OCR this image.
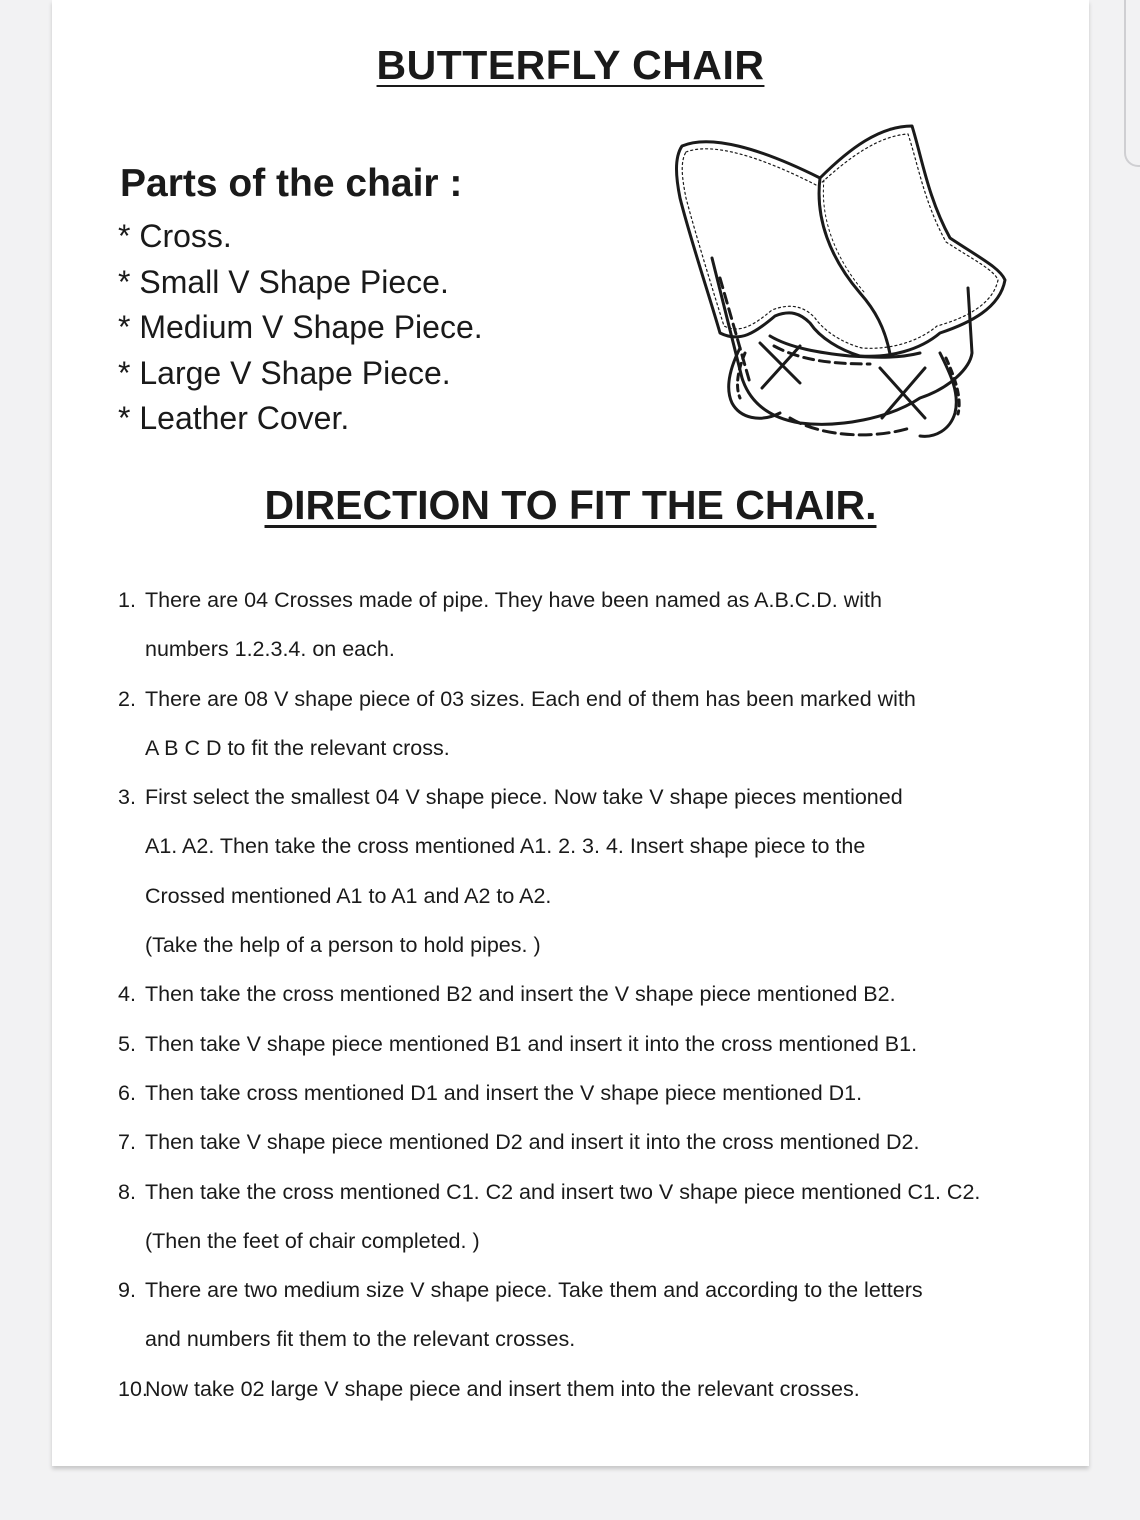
BUTTERFLY CHAIR
Parts of the chair :
* Cross.
* Small V Shape Piece.
* Medium V Shape Piece.
* Large V Shape Piece.
* Leather Cover.
DIRECTION TO FIT THE CHAIR.
1. There are 04 Crosses made of pipe. They have been named as A.B.C.D. with
numbers 1.2.3.4. on each.
2. There are 08 V shape piece of 03 sizes. Each end of them has been marked with
A B C D to fit the relevant cross.
3. First select the smallest 04 V shape piece. Now take V shape pieces mentioned
A1. A2. Then take the cross mentioned A1. 2. 3. 4. Insert shape piece to the
Crossed mentioned A1 to A1 and A2 to A2.
(Take the help of a person to hold pipes. )
4. Then take the cross mentioned B2 and insert the V shape piece mentioned B2.
5. Then take V shape piece mentioned B1 and insert it into the cross mentioned B1.
6. Then take cross mentioned D1 and insert the V shape piece mentioned D1.
7. Then take V shape piece mentioned D2 and insert it into the cross mentioned D2.
8. Then take the cross mentioned C1. C2 and insert two V shape piece mentioned C1. C2.
(Then the feet of chair completed. )
9. There are two medium size V shape piece. Take them and according to the letters
and numbers fit them to the relevant crosses.
10.Now take 02 large V shape piece and insert them into the relevant crosses.
